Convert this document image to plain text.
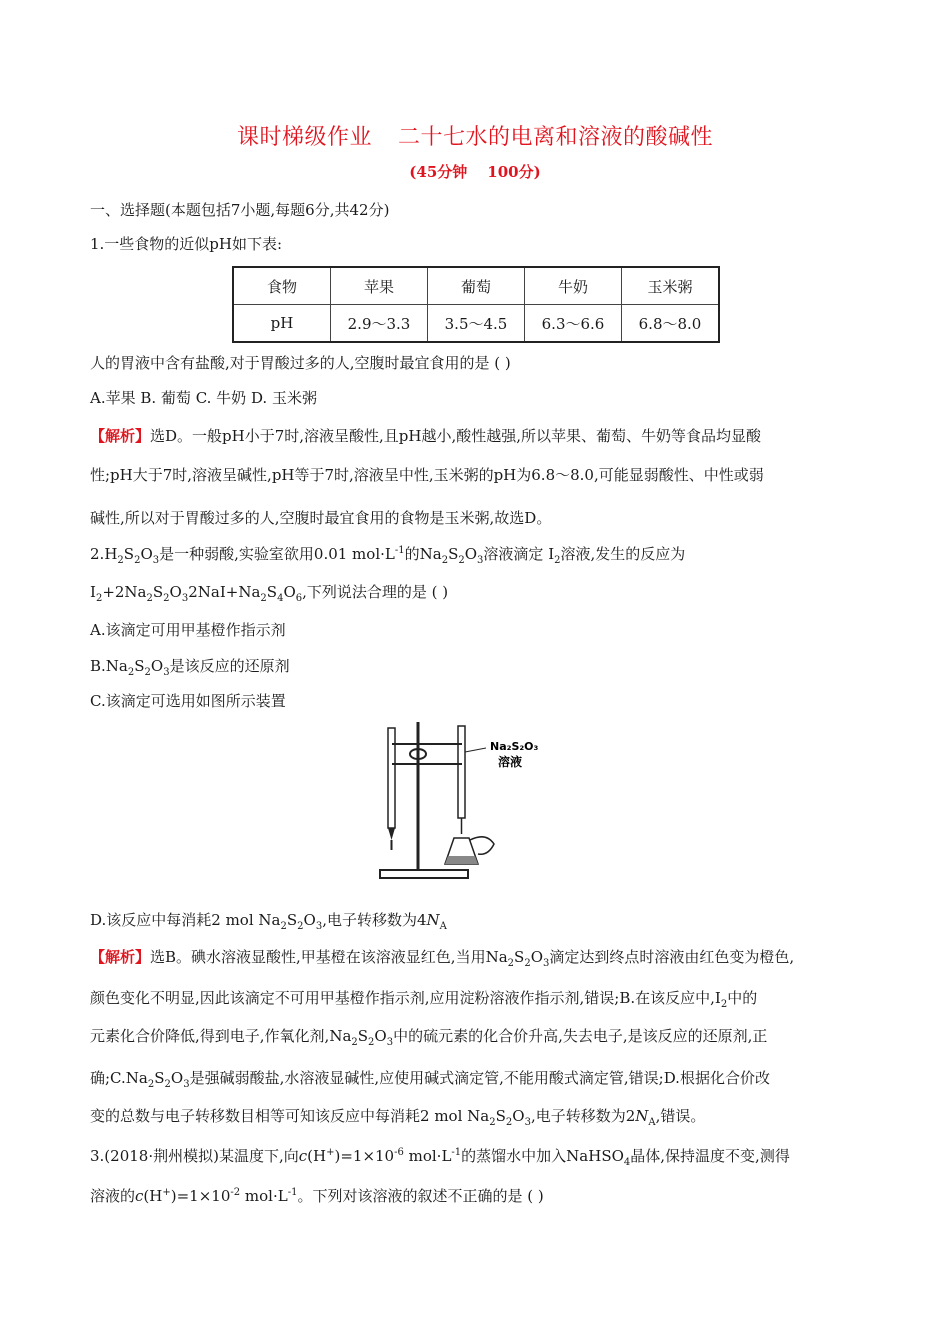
课时梯级作业 二十七水的电离和溶液的酸碱性
(45分钟 100分)
一、选择题(本题包括7小题,每题6分,共42分)
1.一些食物的近似pH如下表:
食物	苹果	葡萄	牛奶	玉米粥
pH	2.9～3.3	3.5～4.5	6.3～6.6	6.8～8.0
人的胃液中含有盐酸,对于胃酸过多的人,空腹时最宜食用的是 ( )
A.苹果 B. 葡萄 C. 牛奶 D. 玉米粥
【解析】选D。一般pH小于7时,溶液呈酸性,且pH越小,酸性越强,所以苹果、葡萄、牛奶等食品均显酸
性;pH大于7时,溶液呈碱性,pH等于7时,溶液呈中性,玉米粥的pH为6.8～8.0,可能显弱酸性、中性或弱
碱性,所以对于胃酸过多的人,空腹时最宜食用的食物是玉米粥,故选D。
$2.H_2S_2O_3$是一种弱酸,实验室欲用0.01 $mol\cdot L^{-1}$的$Na_2S_2O_3$溶液滴定 $I_2$溶液,发生的反应为
$I_2+2Na_2S_2O_32NaI+Na_2S_4O_6$,下列说法合理的是 ( )
A.该滴定可用甲基橙作指示剂
$B.Na_2S_2O_3$是该反应的还原剂
C.该滴定可选用如图所示装置
Na₂S₂O₃
溶液
D.该反应中每消耗2 mol $Na_2S_2O_3$,电子转移数为$4N_A$
【解析】选B。碘水溶液显酸性,甲基橙在该溶液显红色,当用$Na_2S_2O_3$滴定达到终点时溶液由红色变为橙色,
颜色变化不明显,因此该滴定不可用甲基橙作指示剂,应用淀粉溶液作指示剂,错误;B.在该反应中$,I_2$中的
元素化合价降低,得到电子,作氧化剂$,Na_2S_2O_3$中的硫元素的化合价升高,失去电子,是该反应的还原剂,正
确$;C.Na_2S_2O_3$是强碱弱酸盐,水溶液显碱性,应使用碱式滴定管,不能用酸式滴定管,错误;D.根据化合价改
变的总数与电子转移数目相等可知该反应中每消耗2 mol $Na_2S_2O_3$,电子转移数为$2N_A$,错误。
3.(2018·荆州模拟)某温度下,向$c(H^+)=1\times 10^{-6}$ $mol\cdot L^{-1}$的蒸馏水中加入NaHSO$_4$晶体,保持温度不变,测得
溶液的$c(H^+)=1\times 10^{-2}$ $mol\cdot L^{-1}$。下列对该溶液的叙述不正确的是 ( )
